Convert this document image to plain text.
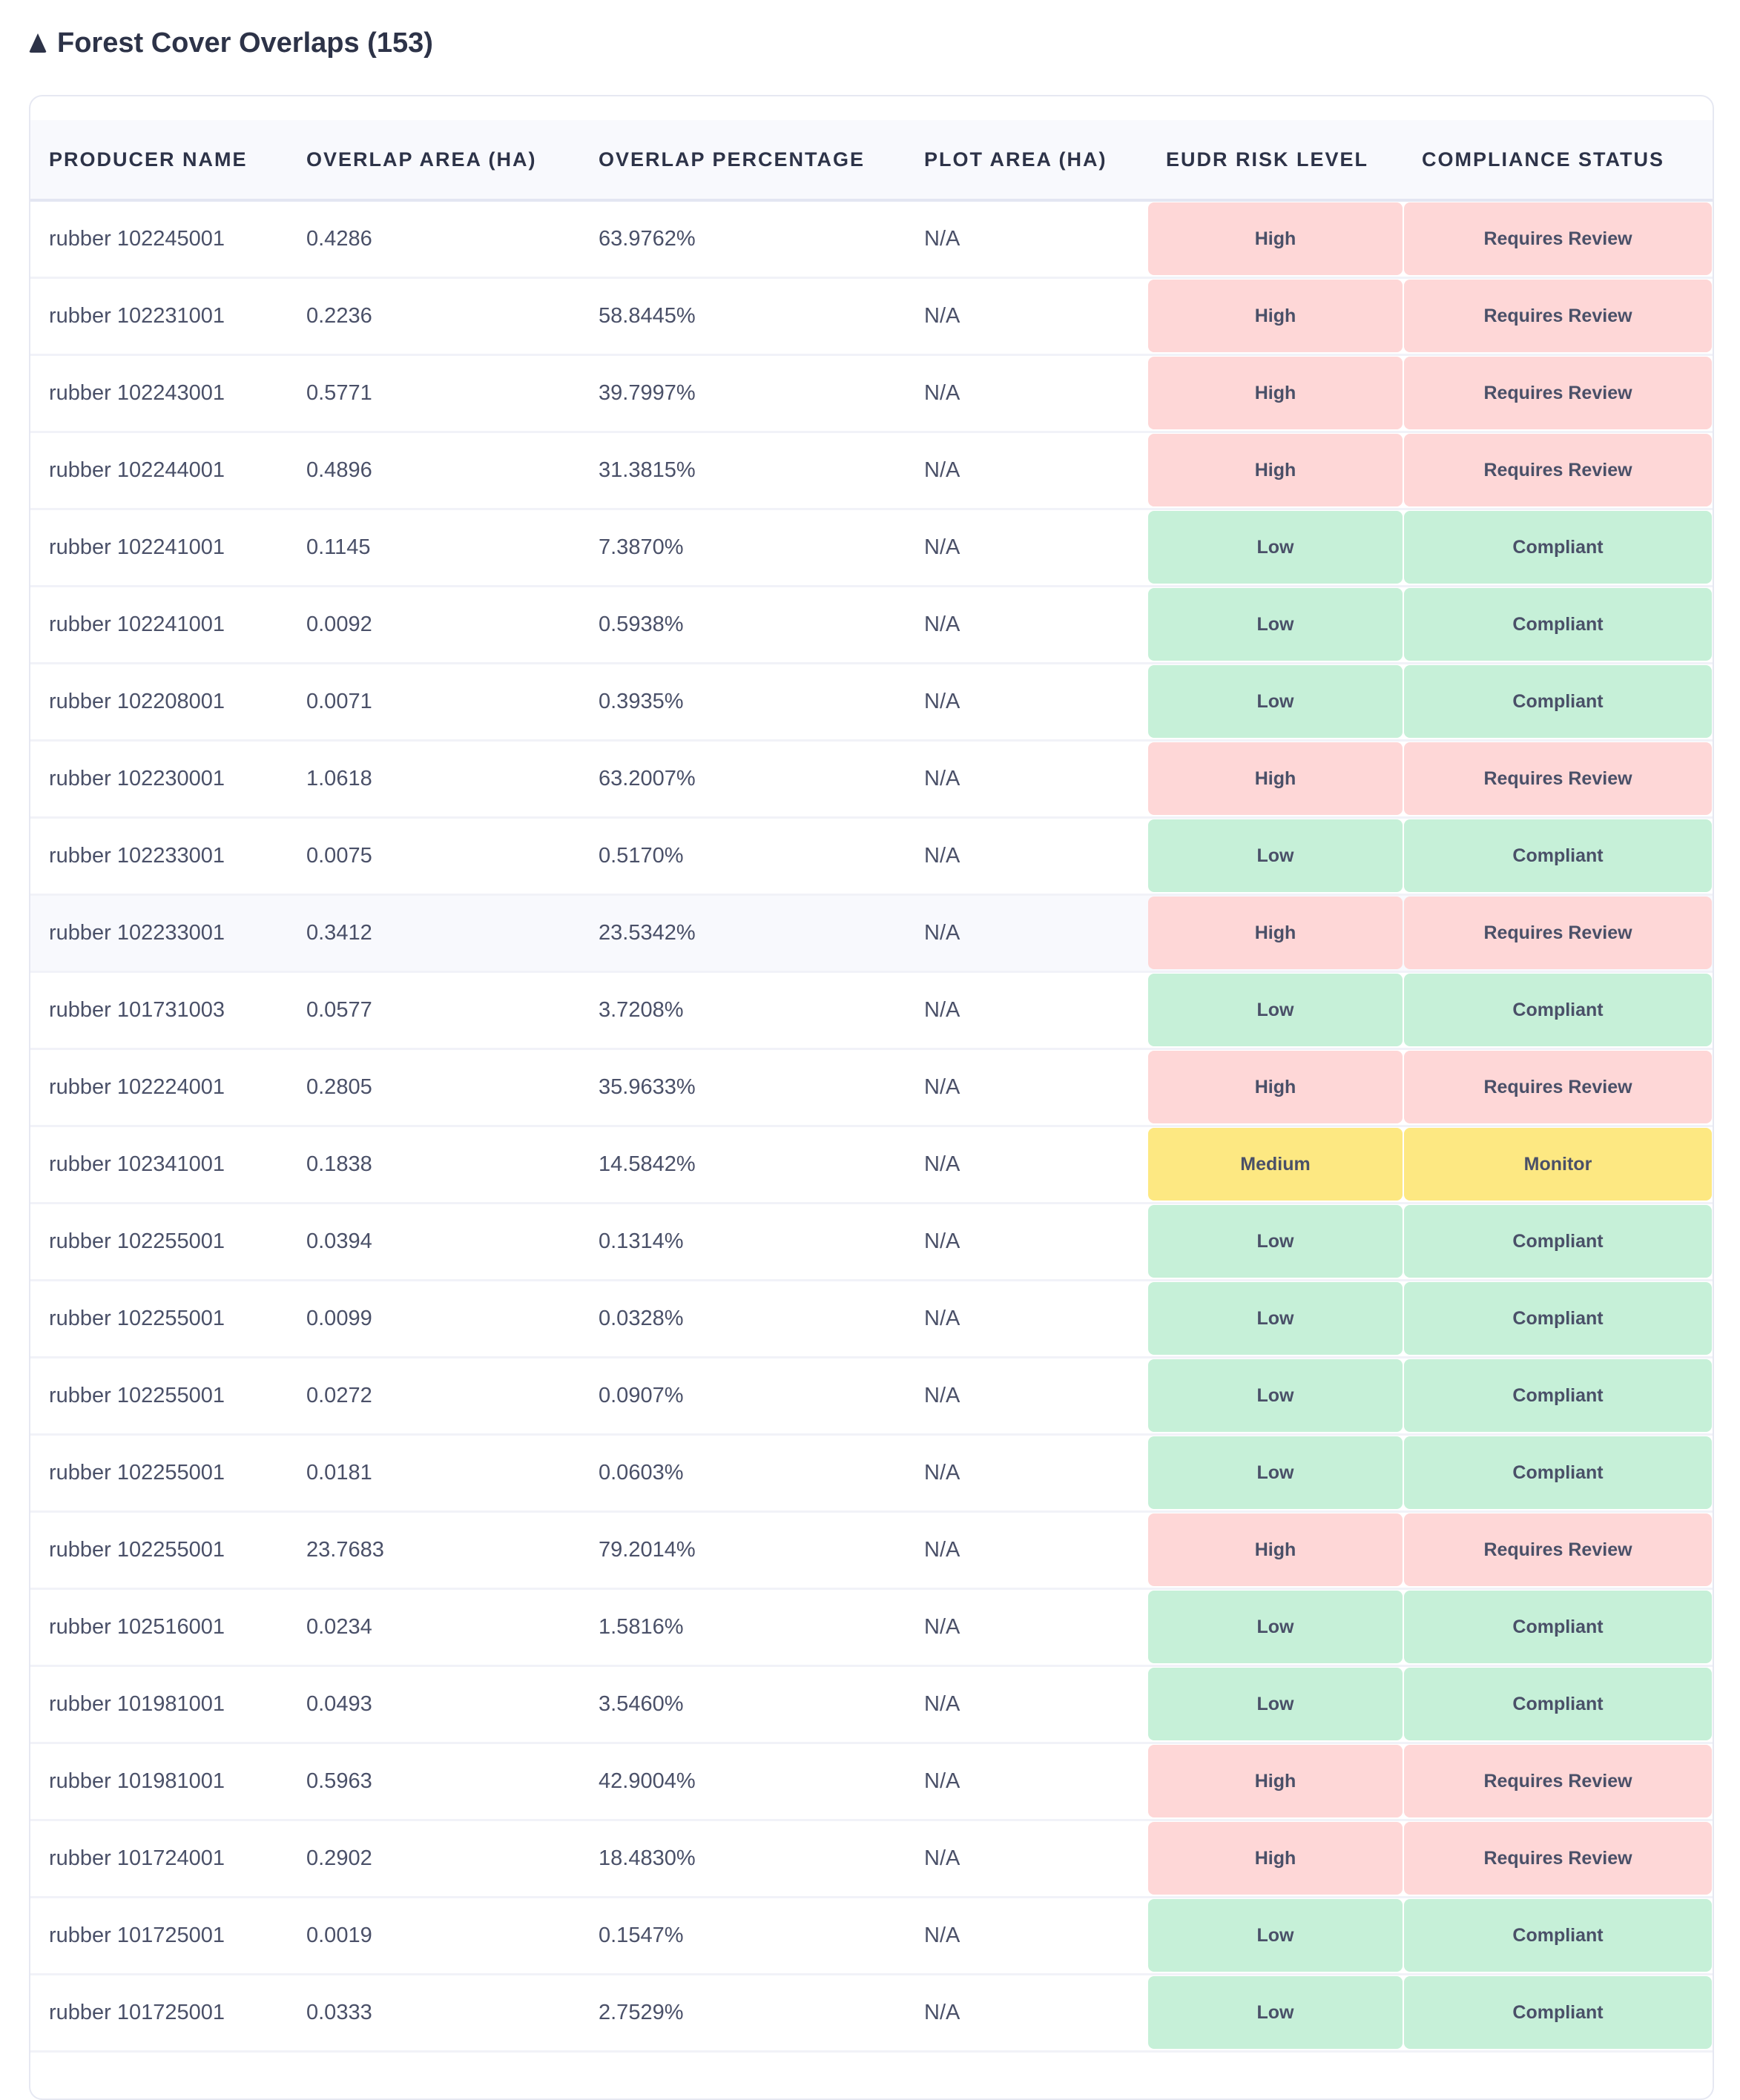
Forest Cover Overlaps (153)
PRODUCER NAME	OVERLAP AREA (HA)	OVERLAP PERCENTAGE	PLOT AREA (HA)	EUDR RISK LEVEL	COMPLIANCE STATUS
rubber 102245001	0.4286	63.9762%	N/A	High	Requires Review

rubber 102231001	0.2236	58.8445%	N/A	High	Requires Review

rubber 102243001	0.5771	39.7997%	N/A	High	Requires Review

rubber 102244001	0.4896	31.3815%	N/A	High	Requires Review

rubber 102241001	0.1145	7.3870%	N/A	Low	Compliant

rubber 102241001	0.0092	0.5938%	N/A	Low	Compliant

rubber 102208001	0.0071	0.3935%	N/A	Low	Compliant

rubber 102230001	1.0618	63.2007%	N/A	High	Requires Review

rubber 102233001	0.0075	0.5170%	N/A	Low	Compliant

rubber 102233001	0.3412	23.5342%	N/A	High	Requires Review

rubber 101731003	0.0577	3.7208%	N/A	Low	Compliant

rubber 102224001	0.2805	35.9633%	N/A	High	Requires Review

rubber 102341001	0.1838	14.5842%	N/A	Medium	Monitor

rubber 102255001	0.0394	0.1314%	N/A	Low	Compliant

rubber 102255001	0.0099	0.0328%	N/A	Low	Compliant

rubber 102255001	0.0272	0.0907%	N/A	Low	Compliant

rubber 102255001	0.0181	0.0603%	N/A	Low	Compliant

rubber 102255001	23.7683	79.2014%	N/A	High	Requires Review

rubber 102516001	0.0234	1.5816%	N/A	Low	Compliant

rubber 101981001	0.0493	3.5460%	N/A	Low	Compliant

rubber 101981001	0.5963	42.9004%	N/A	High	Requires Review

rubber 101724001	0.2902	18.4830%	N/A	High	Requires Review

rubber 101725001	0.0019	0.1547%	N/A	Low	Compliant

rubber 101725001	0.0333	2.7529%	N/A	Low	Compliant
